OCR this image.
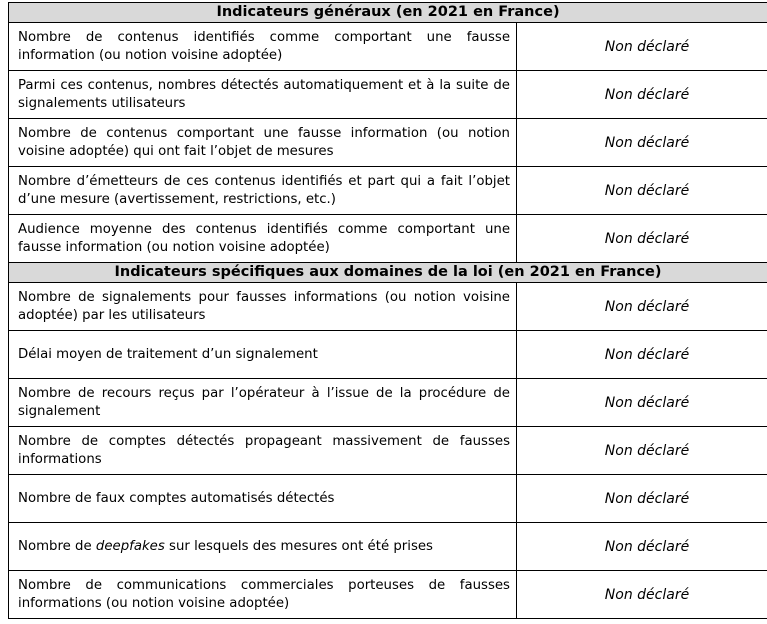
Indicateurs généraux (en 2021 en France)	
Nombre de contenus identifiés comme comportant une fausse information (ou notion voisine adoptée)	Non déclaré
Parmi ces contenus, nombres détectés automatiquement et à la suite de signalements utilisateurs	Non déclaré
Nombre de contenus comportant une fausse information (ou notion voisine adoptée) qui ont fait l’objet de mesures	Non déclaré
Nombre d’émetteurs de ces contenus identifiés et part qui a fait l’objet d’une mesure (avertissement, restrictions, etc.)	Non déclaré
Audience moyenne des contenus identifiés comme comportant une fausse information (ou notion voisine adoptée)	Non déclaré
Indicateurs spécifiques aux domaines de la loi (en 2021 en France)	
Nombre de signalements pour fausses informations (ou notion voisine adoptée) par les utilisateurs	Non déclaré
Délai moyen de traitement d’un signalement	Non déclaré
Nombre de recours reçus par l’opérateur à l’issue de la procédure de signalement	Non déclaré
Nombre de comptes détectés propageant massivement de fausses informations	Non déclaré
Nombre de faux comptes automatisés détectés	Non déclaré
Nombre de deepfakes sur lesquels des mesures ont été prises	Non déclaré
Nombre de communications commerciales porteuses de fausses informations (ou notion voisine adoptée)	Non déclaré
